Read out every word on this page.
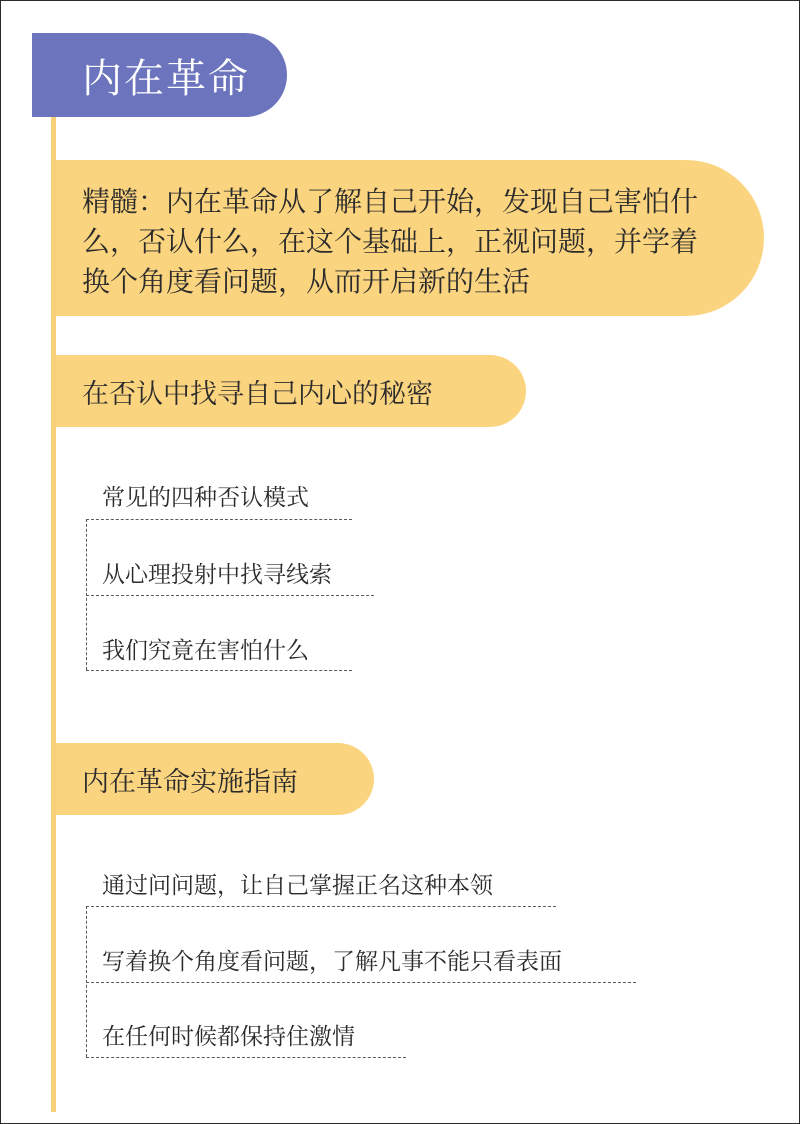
内在革命
精髓：内在革命从了解自己开始，发现自己害怕什么，否认什么，在这个基础上，正视问题，并学着换个角度看问题，从而开启新的生活
在否认中找寻自己内心的秘密
常见的四种否认模式
从心理投射中找寻线索
我们究竟在害怕什么
内在革命实施指南
通过问问题，让自己掌握正名这种本领
写着换个角度看问题，了解凡事不能只看表面
在任何时候都保持住激情
